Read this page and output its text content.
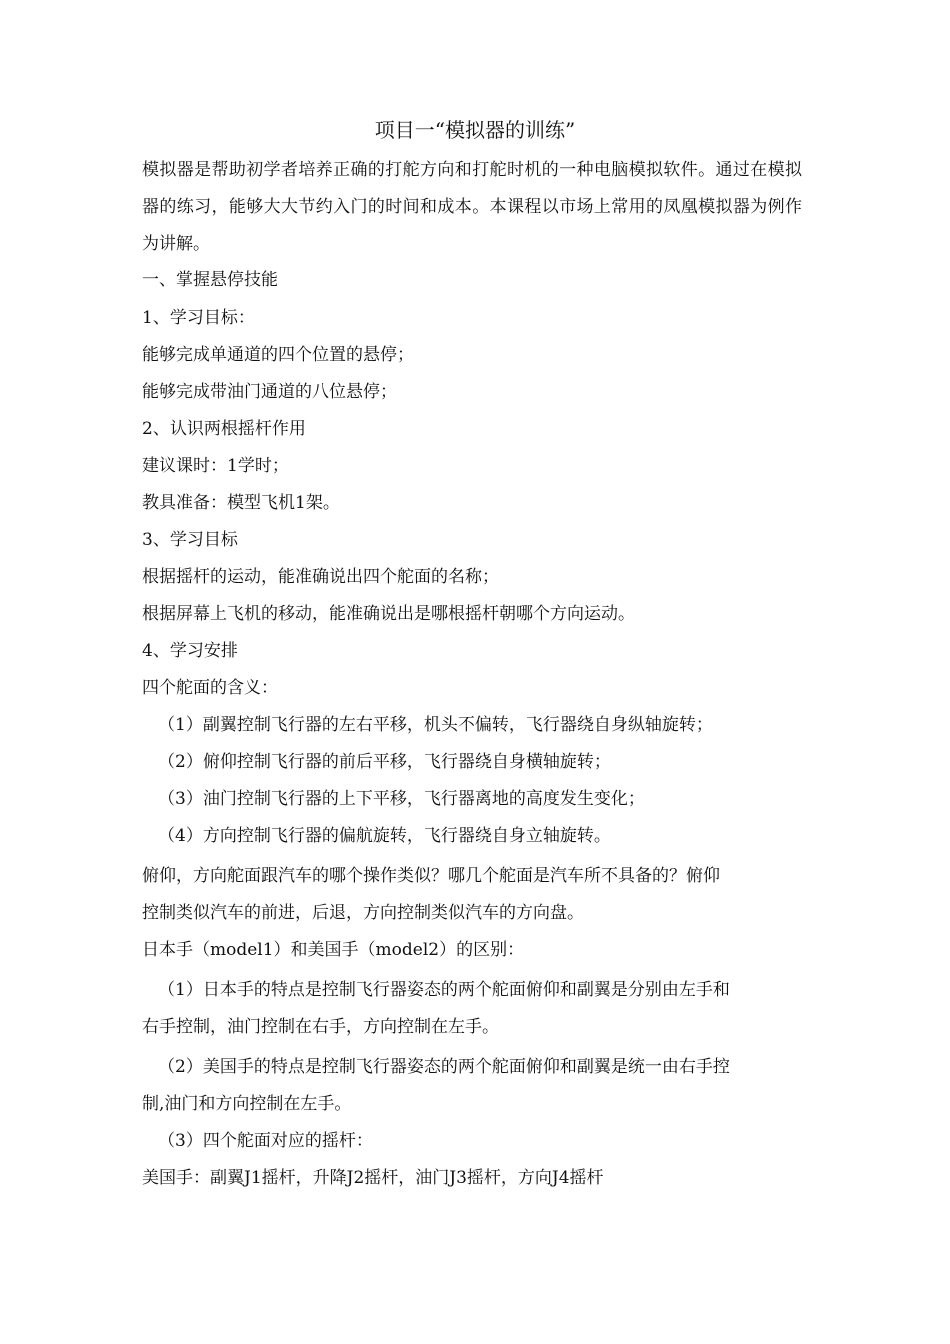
项目一“模拟器的训练”
模拟器是帮助初学者培养正确的打舵方向和打舵时机的一种电脑模拟软件。通过在模拟器的练习，能够大大节约入门的时间和成本。本课程以市场上常用的凤凰模拟器为例作为讲解。
一、掌握悬停技能
1、学习目标：
能够完成单通道的四个位置的悬停；
能够完成带油门通道的八位悬停；
2、认识两根摇杆作用
建议课时：1学时；
教具准备：模型飞机1架。
3、学习目标
根据摇杆的运动，能准确说出四个舵面的名称；
根据屏幕上飞机的移动，能准确说出是哪根摇杆朝哪个方向运动。
4、学习安排
四个舵面的含义：
（1）副翼控制飞行器的左右平移，机头不偏转，飞行器绕自身纵轴旋转；
（2）俯仰控制飞行器的前后平移，飞行器绕自身横轴旋转；
（3）油门控制飞行器的上下平移，飞行器离地的高度发生变化；
（4）方向控制飞行器的偏航旋转，飞行器绕自身立轴旋转。
俯仰，方向舵面跟汽车的哪个操作类似？哪几个舵面是汽车所不具备的？俯仰
控制类似汽车的前进，后退，方向控制类似汽车的方向盘。
日本手（model1）和美国手（model2）的区别：
（1）日本手的特点是控制飞行器姿态的两个舵面俯仰和副翼是分别由左手和
右手控制，油门控制在右手，方向控制在左手。
（2）美国手的特点是控制飞行器姿态的两个舵面俯仰和副翼是统一由右手控
制,油门和方向控制在左手。
（3）四个舵面对应的摇杆：
美国手：副翼J1摇杆，升降J2摇杆，油门J3摇杆，方向J4摇杆
